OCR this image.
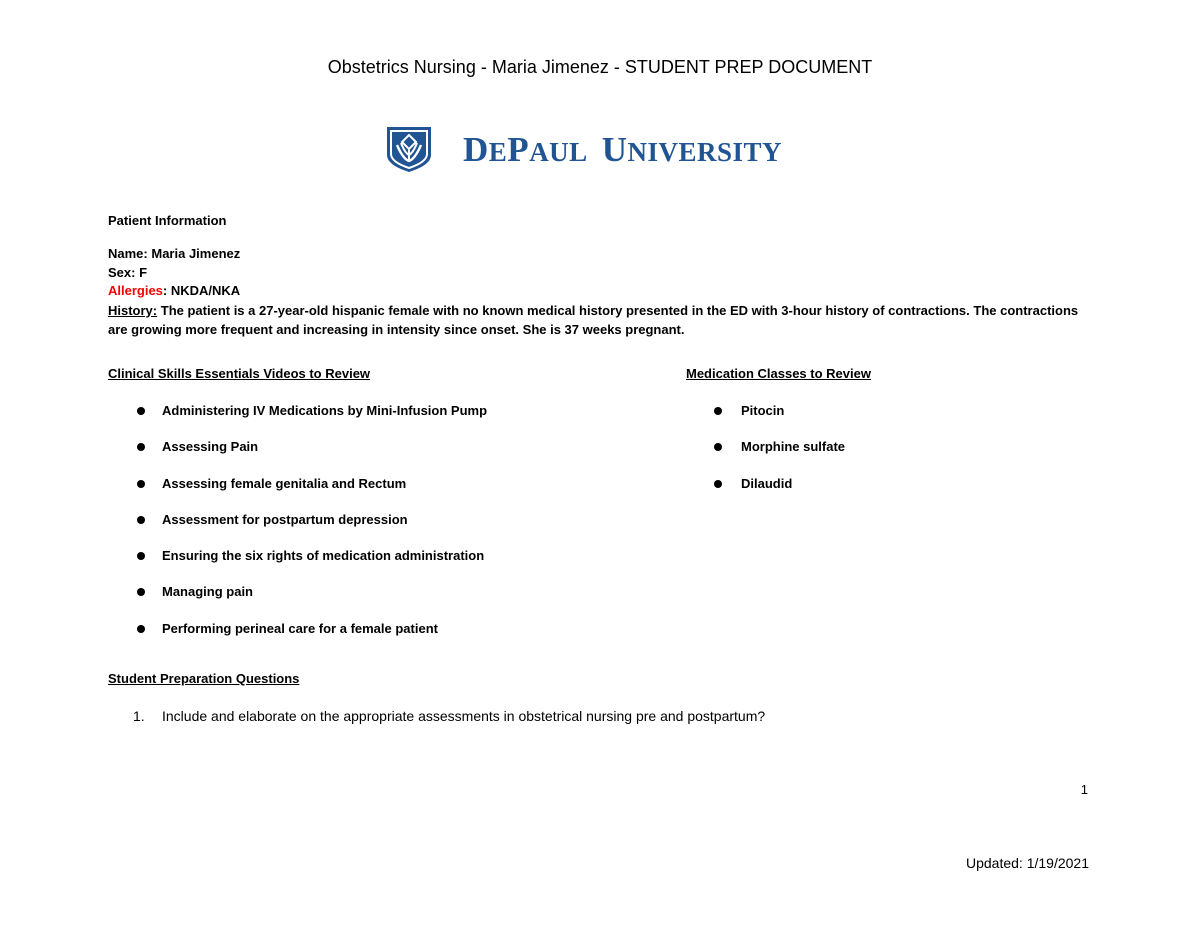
Obstetrics Nursing - Maria Jimenez - STUDENT PREP DOCUMENT
DEPAUL UNIVERSITY
Patient Information
Name: Maria Jimenez
Sex: F
Allergies: NKDA/NKA
History: The patient is a 27-year-old hispanic female with no known medical history presented in the ED with 3-hour history of contractions. The contractions are growing more frequent and increasing in intensity since onset. She is 37 weeks pregnant.
Clinical Skills Essentials Videos to Review
Administering IV Medications by Mini-Infusion Pump
Assessing Pain
Assessing female genitalia and Rectum
Assessment for postpartum depression
Ensuring the six rights of medication administration
Managing pain
Performing perineal care for a female patient
Medication Classes to Review
Pitocin
Morphine sulfate
Dilaudid
Student Preparation Questions
1. Include and elaborate on the appropriate assessments in obstetrical nursing pre and postpartum?
1
Updated: 1/19/2021
